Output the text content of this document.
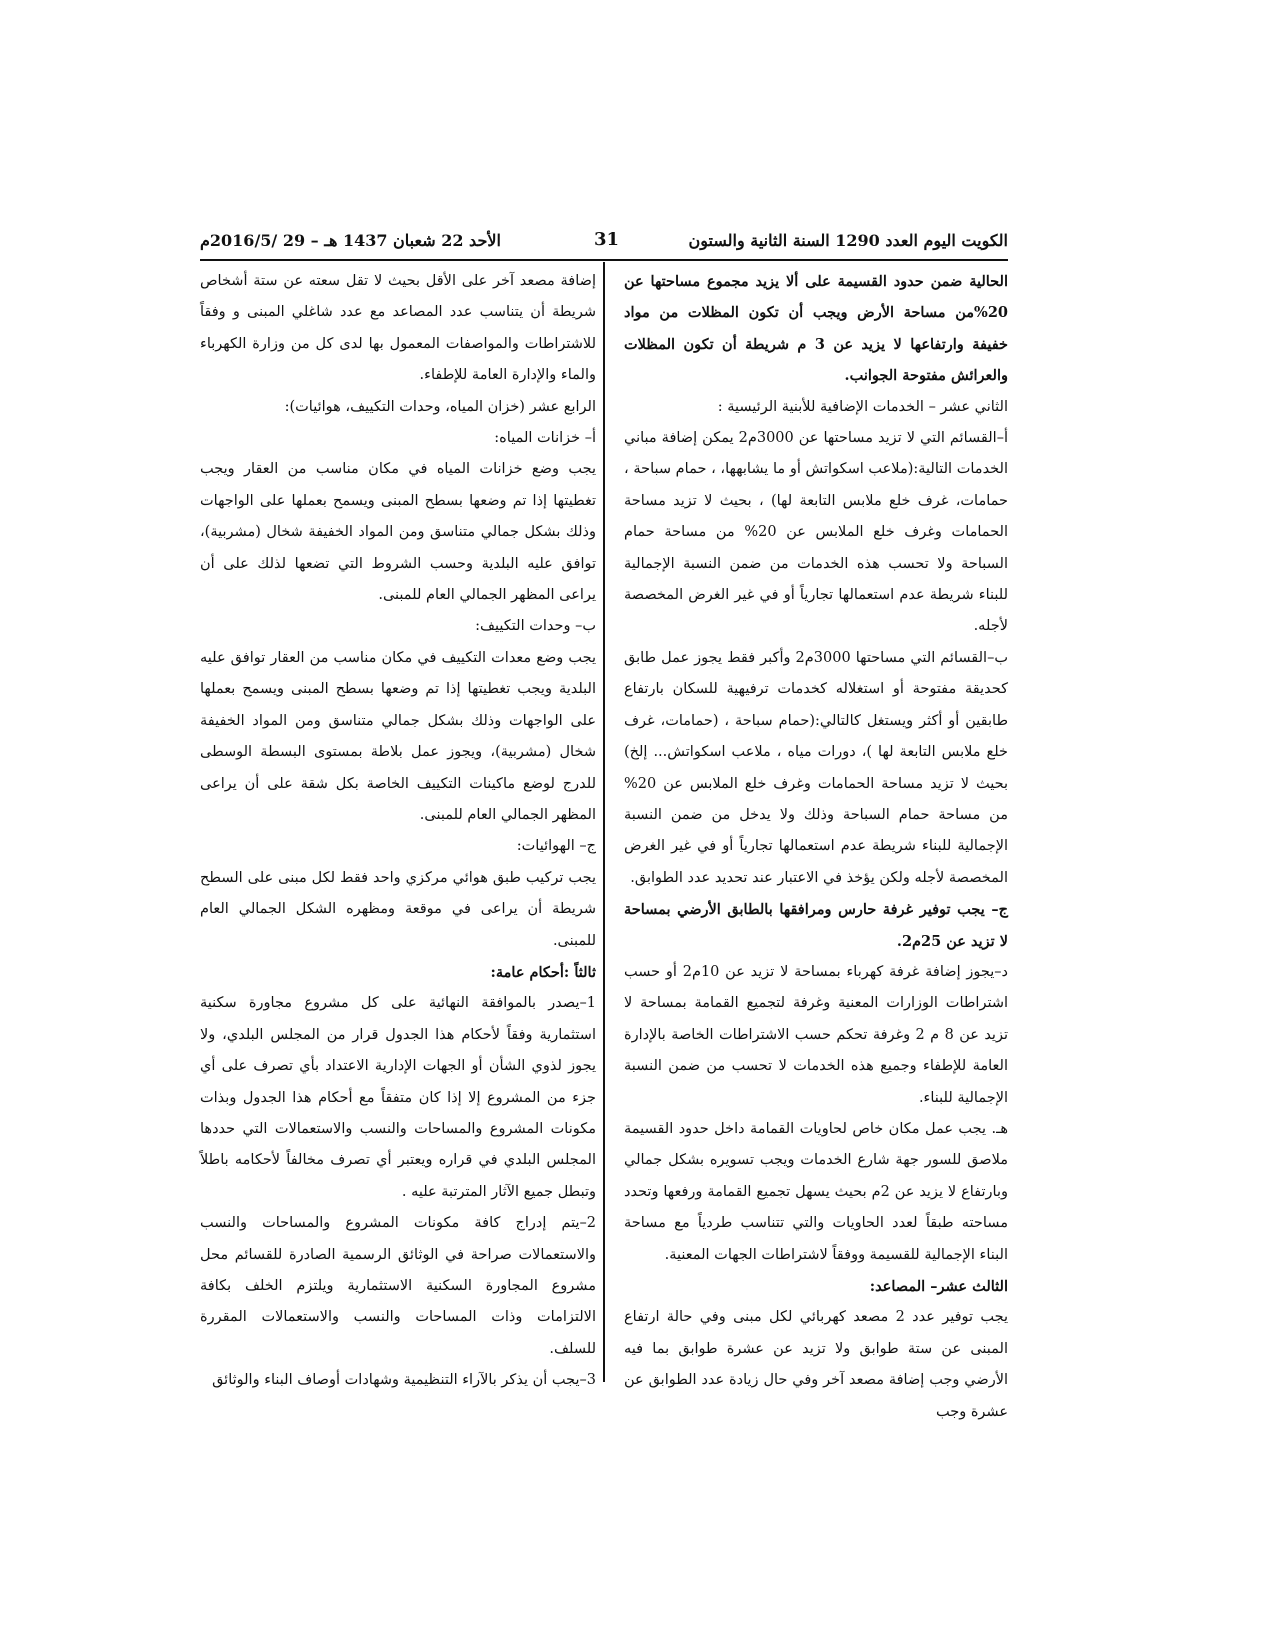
الكويت اليوم العدد 1290 السنة الثانية والستون
31
الأحد 22 شعبان 1437 هـ – 29 /2016/5م

الحالية ضمن حدود القسيمة على ألا يزيد مجموع مساحتها عن 20%من مساحة الأرض ويجب أن تكون المظلات من مواد خفيفة وارتفاعها لا يزيد عن 3 م شريطة أن تكون المظلات والعرائش مفتوحة الجوانب.

الثاني عشر – الخدمات الإضافية للأبنية الرئيسية :

أ–القسائم التي لا تزيد مساحتها عن 3000م2 يمكن إضافة مباني الخدمات التالية:(ملاعب اسكواتش أو ما يشابهها، ، حمام سباحة ، حمامات، غرف خلع ملابس التابعة لها) ، بحيث لا تزيد مساحة الحمامات وغرف خلع الملابس عن 20% من مساحة حمام السباحة ولا تحسب هذه الخدمات من ضمن النسبة الإجمالية للبناء شريطة عدم استعمالها تجارياً أو في غير الغرض المخصصة لأجله.

ب–القسائم التي مساحتها 3000م2 وأكبر فقط يجوز عمل طابق كحديقة مفتوحة أو استغلاله كخدمات ترفيهية للسكان بارتفاع طابقين أو أكثر ويستغل كالتالي:(حمام سباحة ، (حمامات، غرف خلع ملابس التابعة لها )، دورات مياه ، ملاعب اسكواتش... إلخ) بحيث لا تزيد مساحة الحمامات وغرف خلع الملابس عن 20% من مساحة حمام السباحة وذلك ولا يدخل من ضمن النسبة الإجمالية للبناء شريطة عدم استعمالها تجارياً أو في غير الغرض المخصصة لأجله ولكن يؤخذ في الاعتبار عند تحديد عدد الطوابق.

ج– يجب توفير غرفة حارس ومرافقها بالطابق الأرضي بمساحة لا تزيد عن 25م2.

د–يجوز إضافة غرفة كهرباء بمساحة لا تزيد عن 10م2 أو حسب اشتراطات الوزارات المعنية وغرفة لتجميع القمامة بمساحة لا تزيد عن 8 م 2 وغرفة تحكم حسب الاشتراطات الخاصة بالإدارة العامة للإطفاء وجميع هذه الخدمات لا تحسب من ضمن النسبة الإجمالية للبناء.

هـ. يجب عمل مكان خاص لحاويات القمامة داخل حدود القسيمة ملاصق للسور جهة شارع الخدمات ويجب تسويره بشكل جمالي وبارتفاع لا يزيد عن 2م بحيث يسهل تجميع القمامة ورفعها وتحدد مساحته طبقاً لعدد الحاويات والتي تتناسب طردياً مع مساحة البناء الإجمالية للقسيمة ووفقاً لاشتراطات الجهات المعنية.

الثالث عشر– المصاعد:

يجب توفير عدد 2 مصعد كهربائي لكل مبنى وفي حالة ارتفاع المبنى عن ستة طوابق ولا تزيد عن عشرة طوابق بما فيه الأرضي وجب إضافة مصعد آخر وفي حال زيادة عدد الطوابق عن عشرة وجب

إضافة مصعد آخر على الأقل بحيث لا تقل سعته عن ستة أشخاص شريطة أن يتناسب عدد المصاعد مع عدد شاغلي المبنى و وفقاً للاشتراطات والمواصفات المعمول بها لدى كل من وزارة الكهرباء والماء والإدارة العامة للإطفاء.

الرابع عشر (خزان المياه، وحدات التكييف، هوائيات):

أ– خزانات المياه:

يجب وضع خزانات المياه في مكان مناسب من العقار ويجب تغطيتها إذا تم وضعها بسطح المبنى ويسمح بعملها على الواجهات وذلك بشكل جمالي متناسق ومن المواد الخفيفة شخال (مشربية)، توافق عليه البلدية وحسب الشروط التي تضعها لذلك على أن يراعى المظهر الجمالي العام للمبنى.

ب– وحدات التكييف:

يجب وضع معدات التكييف في مكان مناسب من العقار توافق عليه البلدية ويجب تغطيتها إذا تم وضعها بسطح المبنى ويسمح بعملها على الواجهات وذلك بشكل جمالي متناسق ومن المواد الخفيفة شخال (مشربية)، ويجوز عمل بلاطة بمستوى البسطة الوسطى للدرج لوضع ماكينات التكييف الخاصة بكل شقة على أن يراعى المظهر الجمالي العام للمبنى.

ج– الهوائيات:

يجب تركيب طبق هوائي مركزي واحد فقط لكل مبنى على السطح شريطة أن يراعى في موقعة ومظهره الشكل الجمالي العام للمبنى.

ثالثاً :أحكام عامة:

1–يصدر بالموافقة النهائية على كل مشروع مجاورة سكنية استثمارية وفقاً لأحكام هذا الجدول قرار من المجلس البلدي، ولا يجوز لذوي الشأن أو الجهات الإدارية الاعتداد بأي تصرف على أي جزء من المشروع إلا إذا كان متفقاً مع أحكام هذا الجدول وبذات مكونات المشروع والمساحات والنسب والاستعمالات التي حددها المجلس البلدي في قراره ويعتبر أي تصرف مخالفاً لأحكامه باطلاً وتبطل جميع الآثار المترتبة عليه .

2–يتم إدراج كافة مكونات المشروع والمساحات والنسب والاستعمالات صراحة في الوثائق الرسمية الصادرة للقسائم محل مشروع المجاورة السكنية الاستثمارية ويلتزم الخلف بكافة الالتزامات وذات المساحات والنسب والاستعمالات المقررة للسلف.

3–يجب أن يذكر بالآراء التنظيمية وشهادات أوصاف البناء والوثائق
